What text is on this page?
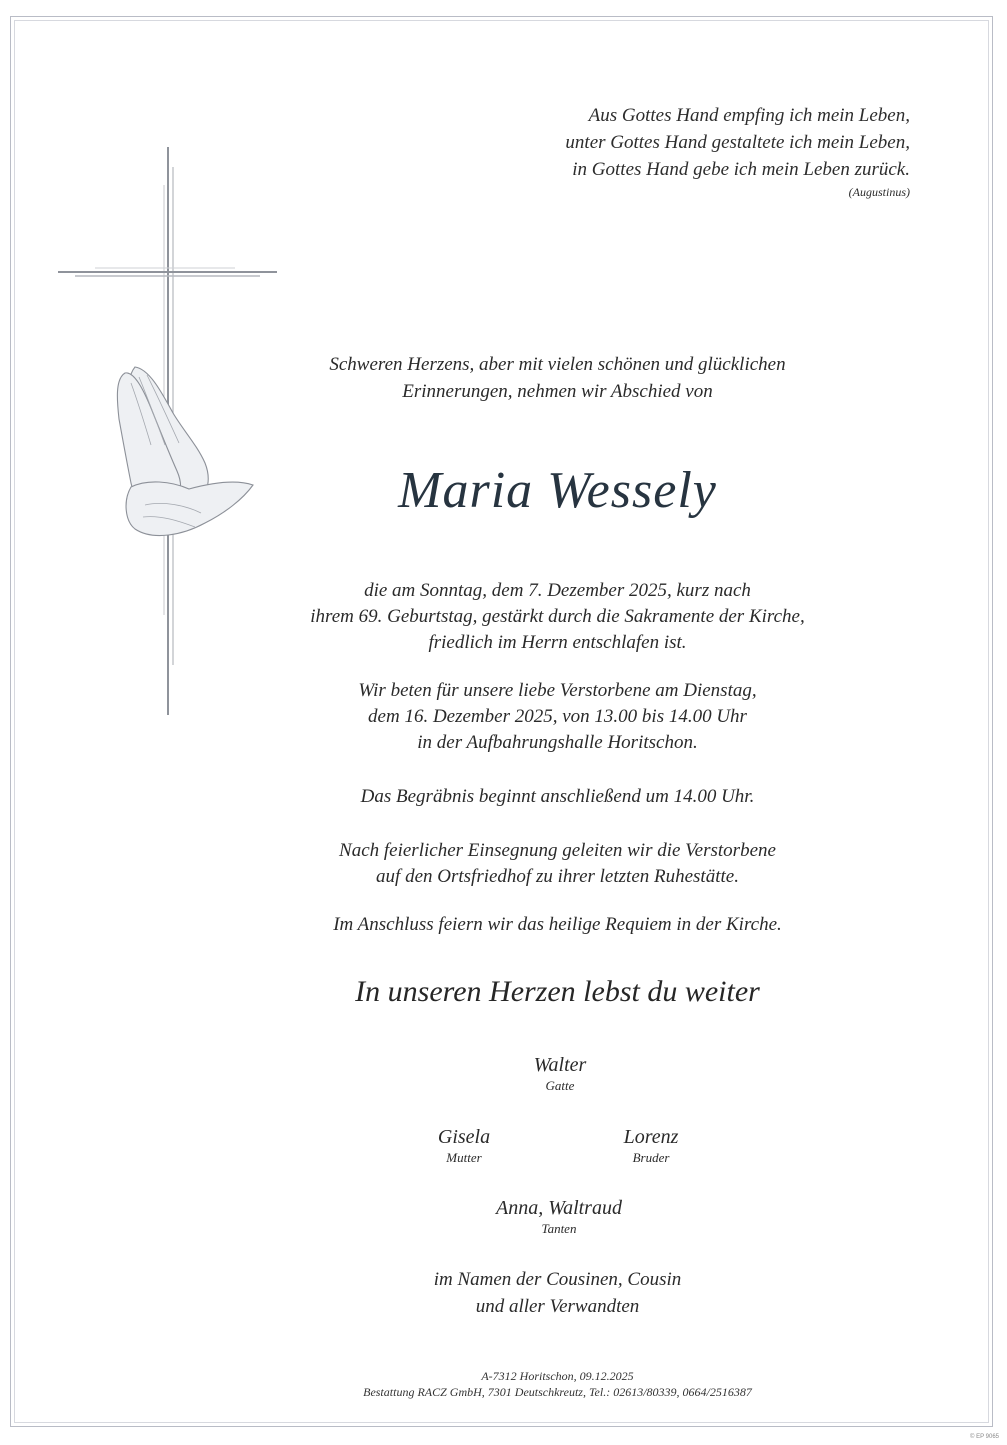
Aus Gottes Hand empfing ich mein Leben,
unter Gottes Hand gestaltete ich mein Leben,
in Gottes Hand gebe ich mein Leben zurück.
(Augustinus)
Schweren Herzens, aber mit vielen schönen und glücklichen
Erinnerungen, nehmen wir Abschied von
Maria Wessely
die am Sonntag, dem 7. Dezember 2025, kurz nach
ihrem 69. Geburtstag, gestärkt durch die Sakramente der Kirche,
friedlich im Herrn entschlafen ist.
Wir beten für unsere liebe Verstorbene am Dienstag,
dem 16. Dezember 2025, von 13.00 bis 14.00 Uhr
in der Aufbahrungshalle Horitschon.
Das Begräbnis beginnt anschließend um 14.00 Uhr.
Nach feierlicher Einsegnung geleiten wir die Verstorbene
auf den Ortsfriedhof zu ihrer letzten Ruhestätte.
Im Anschluss feiern wir das heilige Requiem in der Kirche.
In unseren Herzen lebst du weiter
Walter
Gatte
Gisela
Mutter
Lorenz
Bruder
Anna, Waltraud
Tanten
im Namen der Cousinen, Cousin
und aller Verwandten
A-7312 Horitschon, 09.12.2025
Bestattung RACZ GmbH, 7301 Deutschkreutz, Tel.: 02613/80339, 0664/2516387
© EP 9065
